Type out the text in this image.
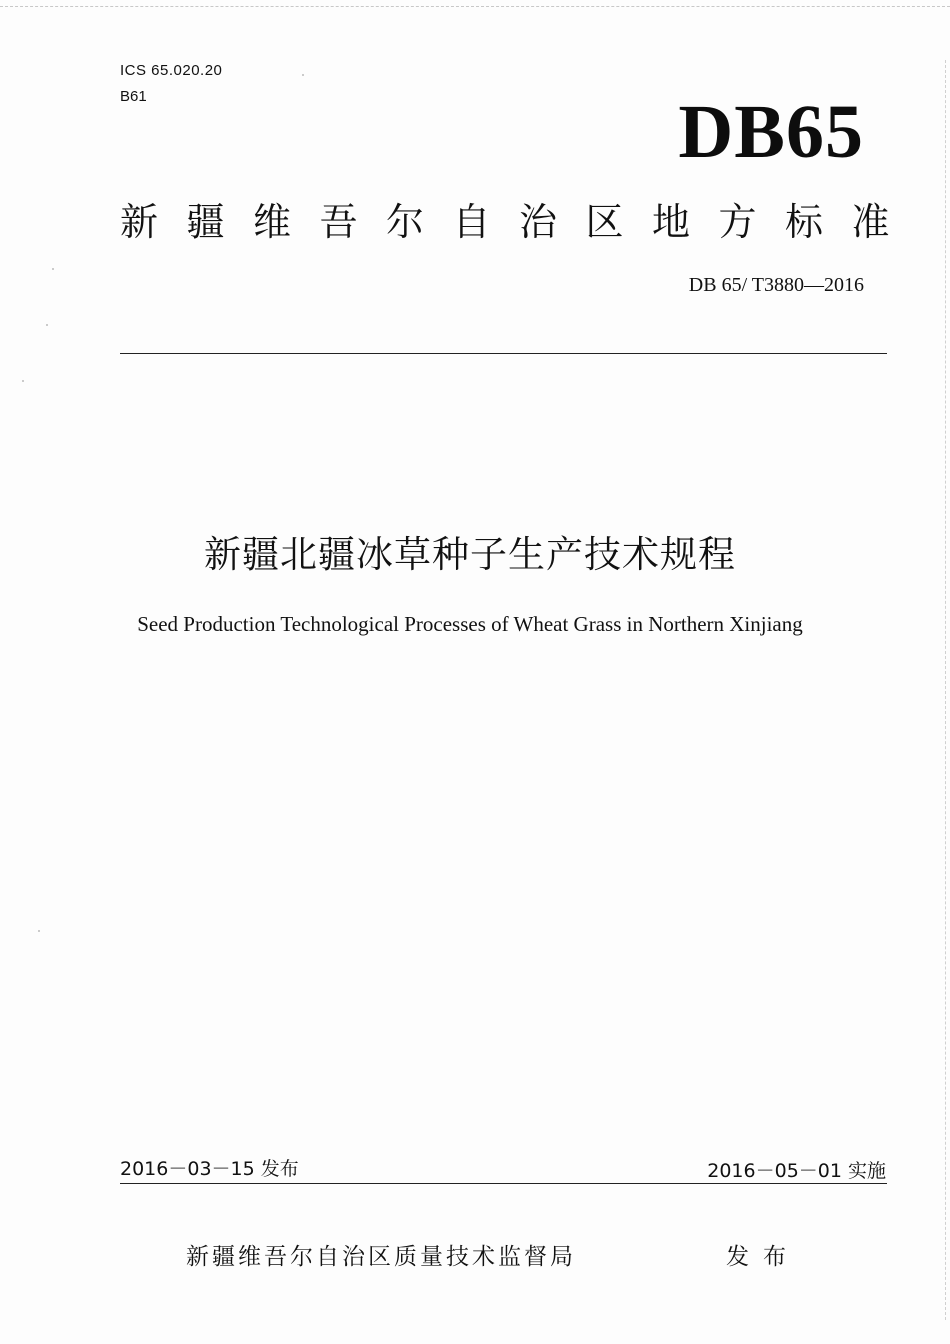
ICS 65.020.20
B61	DB65
新疆维吾尔自治区地方标准
DB 65/ T3880—2016
新疆北疆冰草种子生产技术规程
Seed Production Technological Processes of Wheat Grass in Northern Xinjiang
2016－03－15 发布	2016－05－01 实施
新疆维吾尔自治区质量技术监督局	发布
